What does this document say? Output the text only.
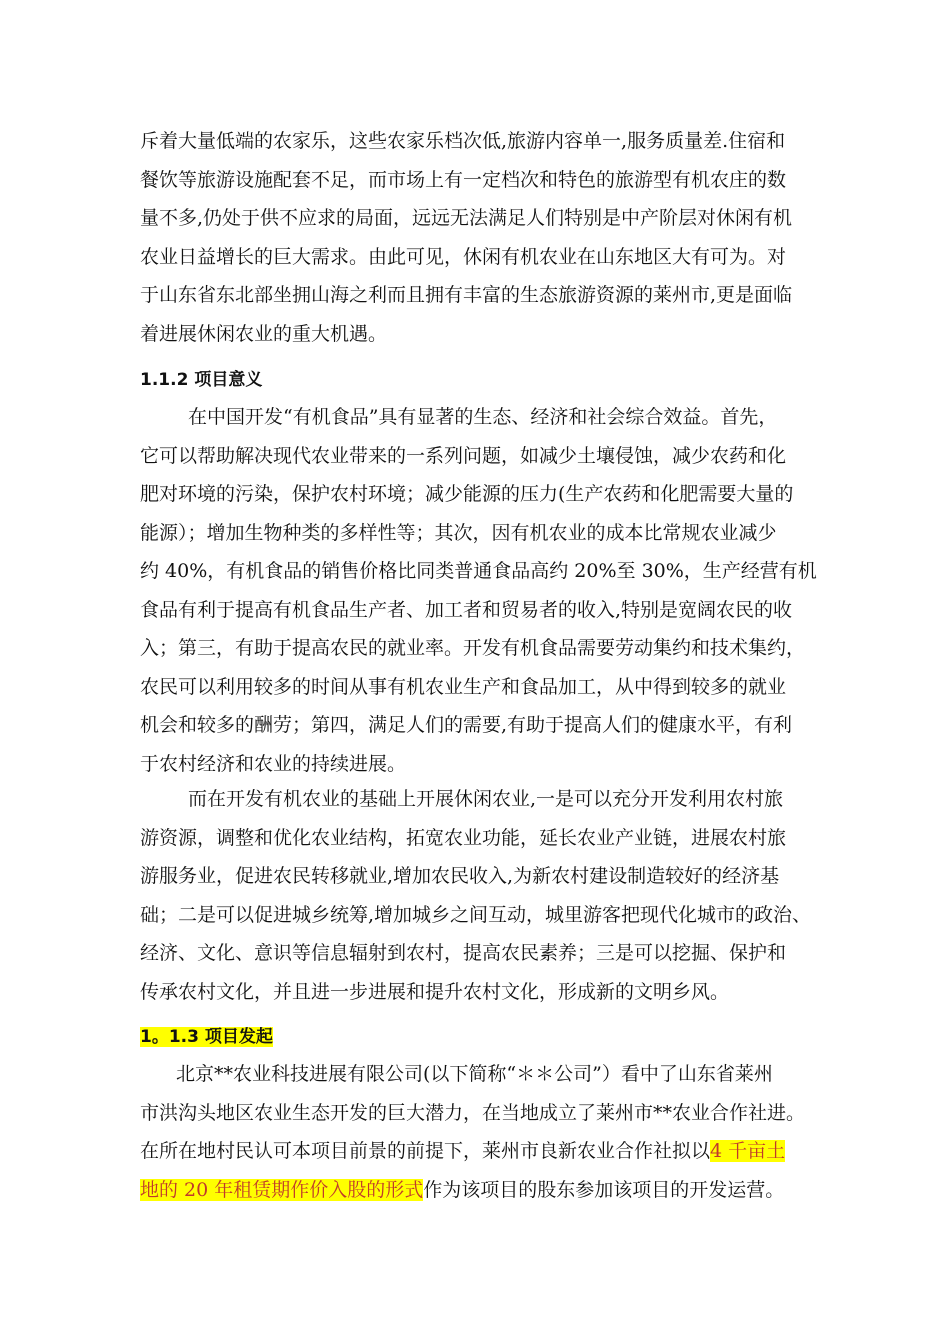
斥着大量低端的农家乐，这些农家乐档次低,旅游内容单一,服务质量差.住宿和
餐饮等旅游设施配套不足，而市场上有一定档次和特色的旅游型有机农庄的数
量不多,仍处于供不应求的局面，远远无法满足人们特别是中产阶层对休闲有机
农业日益增长的巨大需求。由此可见，休闲有机农业在山东地区大有可为。对
于山东省东北部坐拥山海之利而且拥有丰富的生态旅游资源的莱州市,更是面临
着进展休闲农业的重大机遇。
1.1.2 项目意义
在中国开发“有机食品”具有显著的生态、经济和社会综合效益。首先，
它可以帮助解决现代农业带来的一系列问题，如减少土壤侵蚀，减少农药和化
肥对环境的污染，保护农村环境；减少能源的压力(生产农药和化肥需要大量的
能源）；增加生物种类的多样性等；其次，因有机农业的成本比常规农业减少
约 40%，有机食品的销售价格比同类普通食品高约 20%至 30%，生产经营有机
食品有利于提高有机食品生产者、加工者和贸易者的收入,特别是宽阔农民的收
入；第三，有助于提高农民的就业率。开发有机食品需要劳动集约和技术集约，
农民可以利用较多的时间从事有机农业生产和食品加工，从中得到较多的就业
机会和较多的酬劳；第四，满足人们的需要,有助于提高人们的健康水平，有利
于农村经济和农业的持续进展。
而在开发有机农业的基础上开展休闲农业,一是可以充分开发利用农村旅
游资源，调整和优化农业结构，拓宽农业功能，延长农业产业链，进展农村旅
游服务业，促进农民转移就业,增加农民收入,为新农村建设制造较好的经济基
础；二是可以促进城乡统筹,增加城乡之间互动，城里游客把现代化城市的政治、
经济、文化、意识等信息辐射到农村，提高农民素养；三是可以挖掘、保护和
传承农村文化，并且进一步进展和提升农村文化，形成新的文明乡风。
1。1.3 项目发起
北京**农业科技进展有限公司(以下简称“＊＊公司”）看中了山东省莱州
市洪沟头地区农业生态开发的巨大潜力，在当地成立了莱州市**农业合作社进。
在所在地村民认可本项目前景的前提下，莱州市良新农业合作社拟以4 千亩土
地的 20 年租赁期作价入股的形式作为该项目的股东参加该项目的开发运营。
